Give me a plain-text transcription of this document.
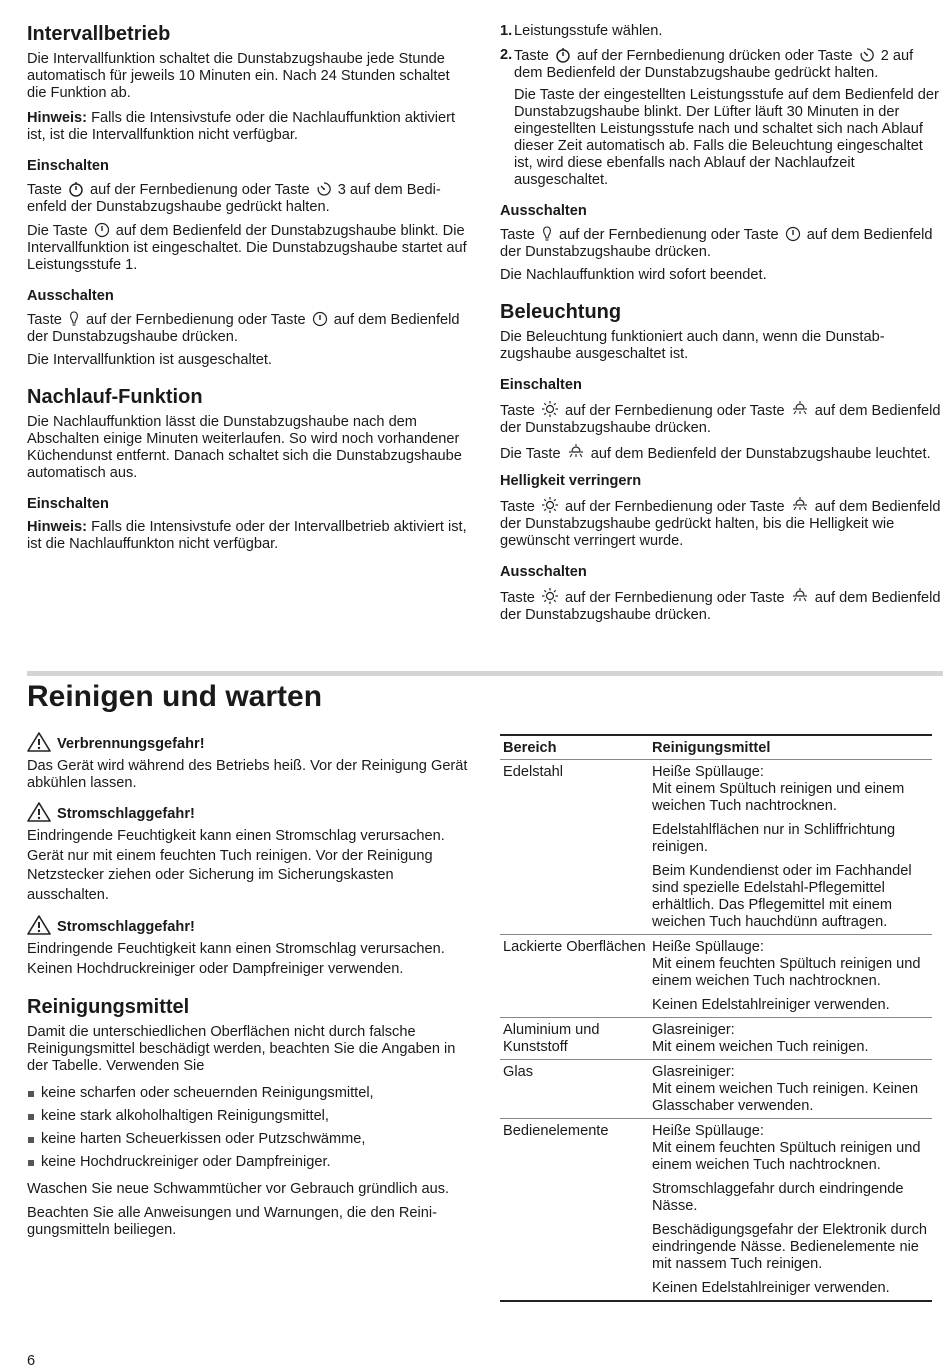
Intervallbetrieb

Die Intervallfunktion schaltet die Dunstabzugshaube jede Stunde automatisch für jeweils 10 Minuten ein. Nach 24 Stunden schaltet die Funktion ab.

Hinweis: Falls die Intensivstufe oder die Nachlauffunktion aktiviert ist, ist die Intervallfunktion nicht verfügbar.

Einschalten

Taste auf der Fernbedienung oder Taste 3 auf dem Bedienfeld der Dunstabzugshaube gedrückt halten.

Die Taste auf dem Bedienfeld der Dunstabzugshaube blinkt. Die Intervallfunktion ist eingeschaltet. Die Dunstabzugshaube startet auf Leistungsstufe 1.

Ausschalten

Taste auf der Fernbedienung oder Taste auf dem Bedienfeld der Dunstabzugshaube drücken.

Die Intervallfunktion ist ausgeschaltet.

Nachlauf-Funktion

Die Nachlauffunktion lässt die Dunstabzugshaube nach dem Abschalten einige Minuten weiterlaufen. So wird noch vorhandener Küchendunst entfernt. Danach schaltet sich die Dunstabzugshaube automatisch aus.

Einschalten

Hinweis: Falls die Intensivstufe oder der Intervallbetrieb aktiviert ist, ist die Nachlauffunkton nicht verfügbar.

1. Leistungsstufe wählen.
2. Taste auf der Fernbedienung drücken oder Taste 2 auf dem Bedienfeld der Dunstabzugshaube gedrückt halten.

Die Taste der eingestellten Leistungsstufe auf dem Bedienfeld der Dunstabzugshaube blinkt. Der Lüfter läuft 30 Minuten in der eingestellten Leistungsstufe nach und schaltet sich nach Ablauf dieser Zeit automatisch ab. Falls die Beleuchtung eingeschaltet ist, wird diese ebenfalls nach Ablauf der Nachlaufzeit ausgeschaltet.

Ausschalten

Taste auf der Fernbedienung oder Taste auf dem Bedienfeld der Dunstabzugshaube drücken.

Die Nachlauffunktion wird sofort beendet.

Beleuchtung

Die Beleuchtung funktioniert auch dann, wenn die Dunstabzugshaube ausgeschaltet ist.

Einschalten

Taste auf der Fernbedienung oder Taste auf dem Bedienfeld der Dunstabzugshaube drücken.

Die Taste auf dem Bedienfeld der Dunstabzugshaube leuchtet.

Helligkeit verringern

Taste auf der Fernbedienung oder Taste auf dem Bedienfeld der Dunstabzugshaube gedrückt halten, bis die Helligkeit wie gewünscht verringert wurde.

Ausschalten

Taste auf der Fernbedienung oder Taste auf dem Bedienfeld der Dunstabzugshaube drücken.

Reinigen und warten
Verbrennungsgefahr!

Das Gerät wird während des Betriebs heiß. Vor der Reinigung Gerät abkühlen lassen.

Stromschlaggefahr!

Eindringende Feuchtigkeit kann einen Stromschlag verursachen. Gerät nur mit einem feuchten Tuch reinigen. Vor der Reinigung Netzstecker ziehen oder Sicherung im Sicherungskasten ausschalten.

Stromschlaggefahr!

Eindringende Feuchtigkeit kann einen Stromschlag verursachen. Keinen Hochdruckreiniger oder Dampfreiniger verwenden.

Reinigungsmittel

Damit die unterschiedlichen Oberflächen nicht durch falsche Reinigungsmittel beschädigt werden, beachten Sie die Angaben in der Tabelle. Verwenden Sie

keine scharfen oder scheuernden Reinigungsmittel,
keine stark alkoholhaltigen Reinigungsmittel,
keine harten Scheuerkissen oder Putzschwämme,
keine Hochdruckreiniger oder Dampfreiniger.

Waschen Sie neue Schwammtücher vor Gebrauch gründlich aus.

Beachten Sie alle Anweisungen und Warnungen, die den Reinigungsmitteln beiliegen.

Bereich	Reinigungsmittel
Edelstahl	Heiße Spüllauge:
Mit einem Spültuch reinigen und einem weichen Tuch nachtrocknen.

Edelstahlflächen nur in Schliffrichtung reinigen.

Beim Kundendienst oder im Fachhandel sind spezielle Edelstahl-Pflegemittel erhältlich. Das Pflegemittel mit einem weichen Tuch hauchdünn auftragen.

Lackierte Oberflächen	Heiße Spüllauge:
Mit einem feuchten Spültuch reinigen und einem weichen Tuch nachtrocknen.

Keinen Edelstahlreiniger verwenden.

Aluminium und Kunststoff	Glasreiniger:
Mit einem weichen Tuch reinigen.

Glas	Glasreiniger:
Mit einem weichen Tuch reinigen. Keinen Glasschaber verwenden.

Bedienelemente	Heiße Spüllauge:
Mit einem feuchten Spültuch reinigen und einem weichen Tuch nachtrocknen.

Stromschlaggefahr durch eindringende Nässe.

Beschädigungsgefahr der Elektronik durch eindringende Nässe. Bedienelemente nie mit nassem Tuch reinigen.

Keinen Edelstahlreiniger verwenden.

6
